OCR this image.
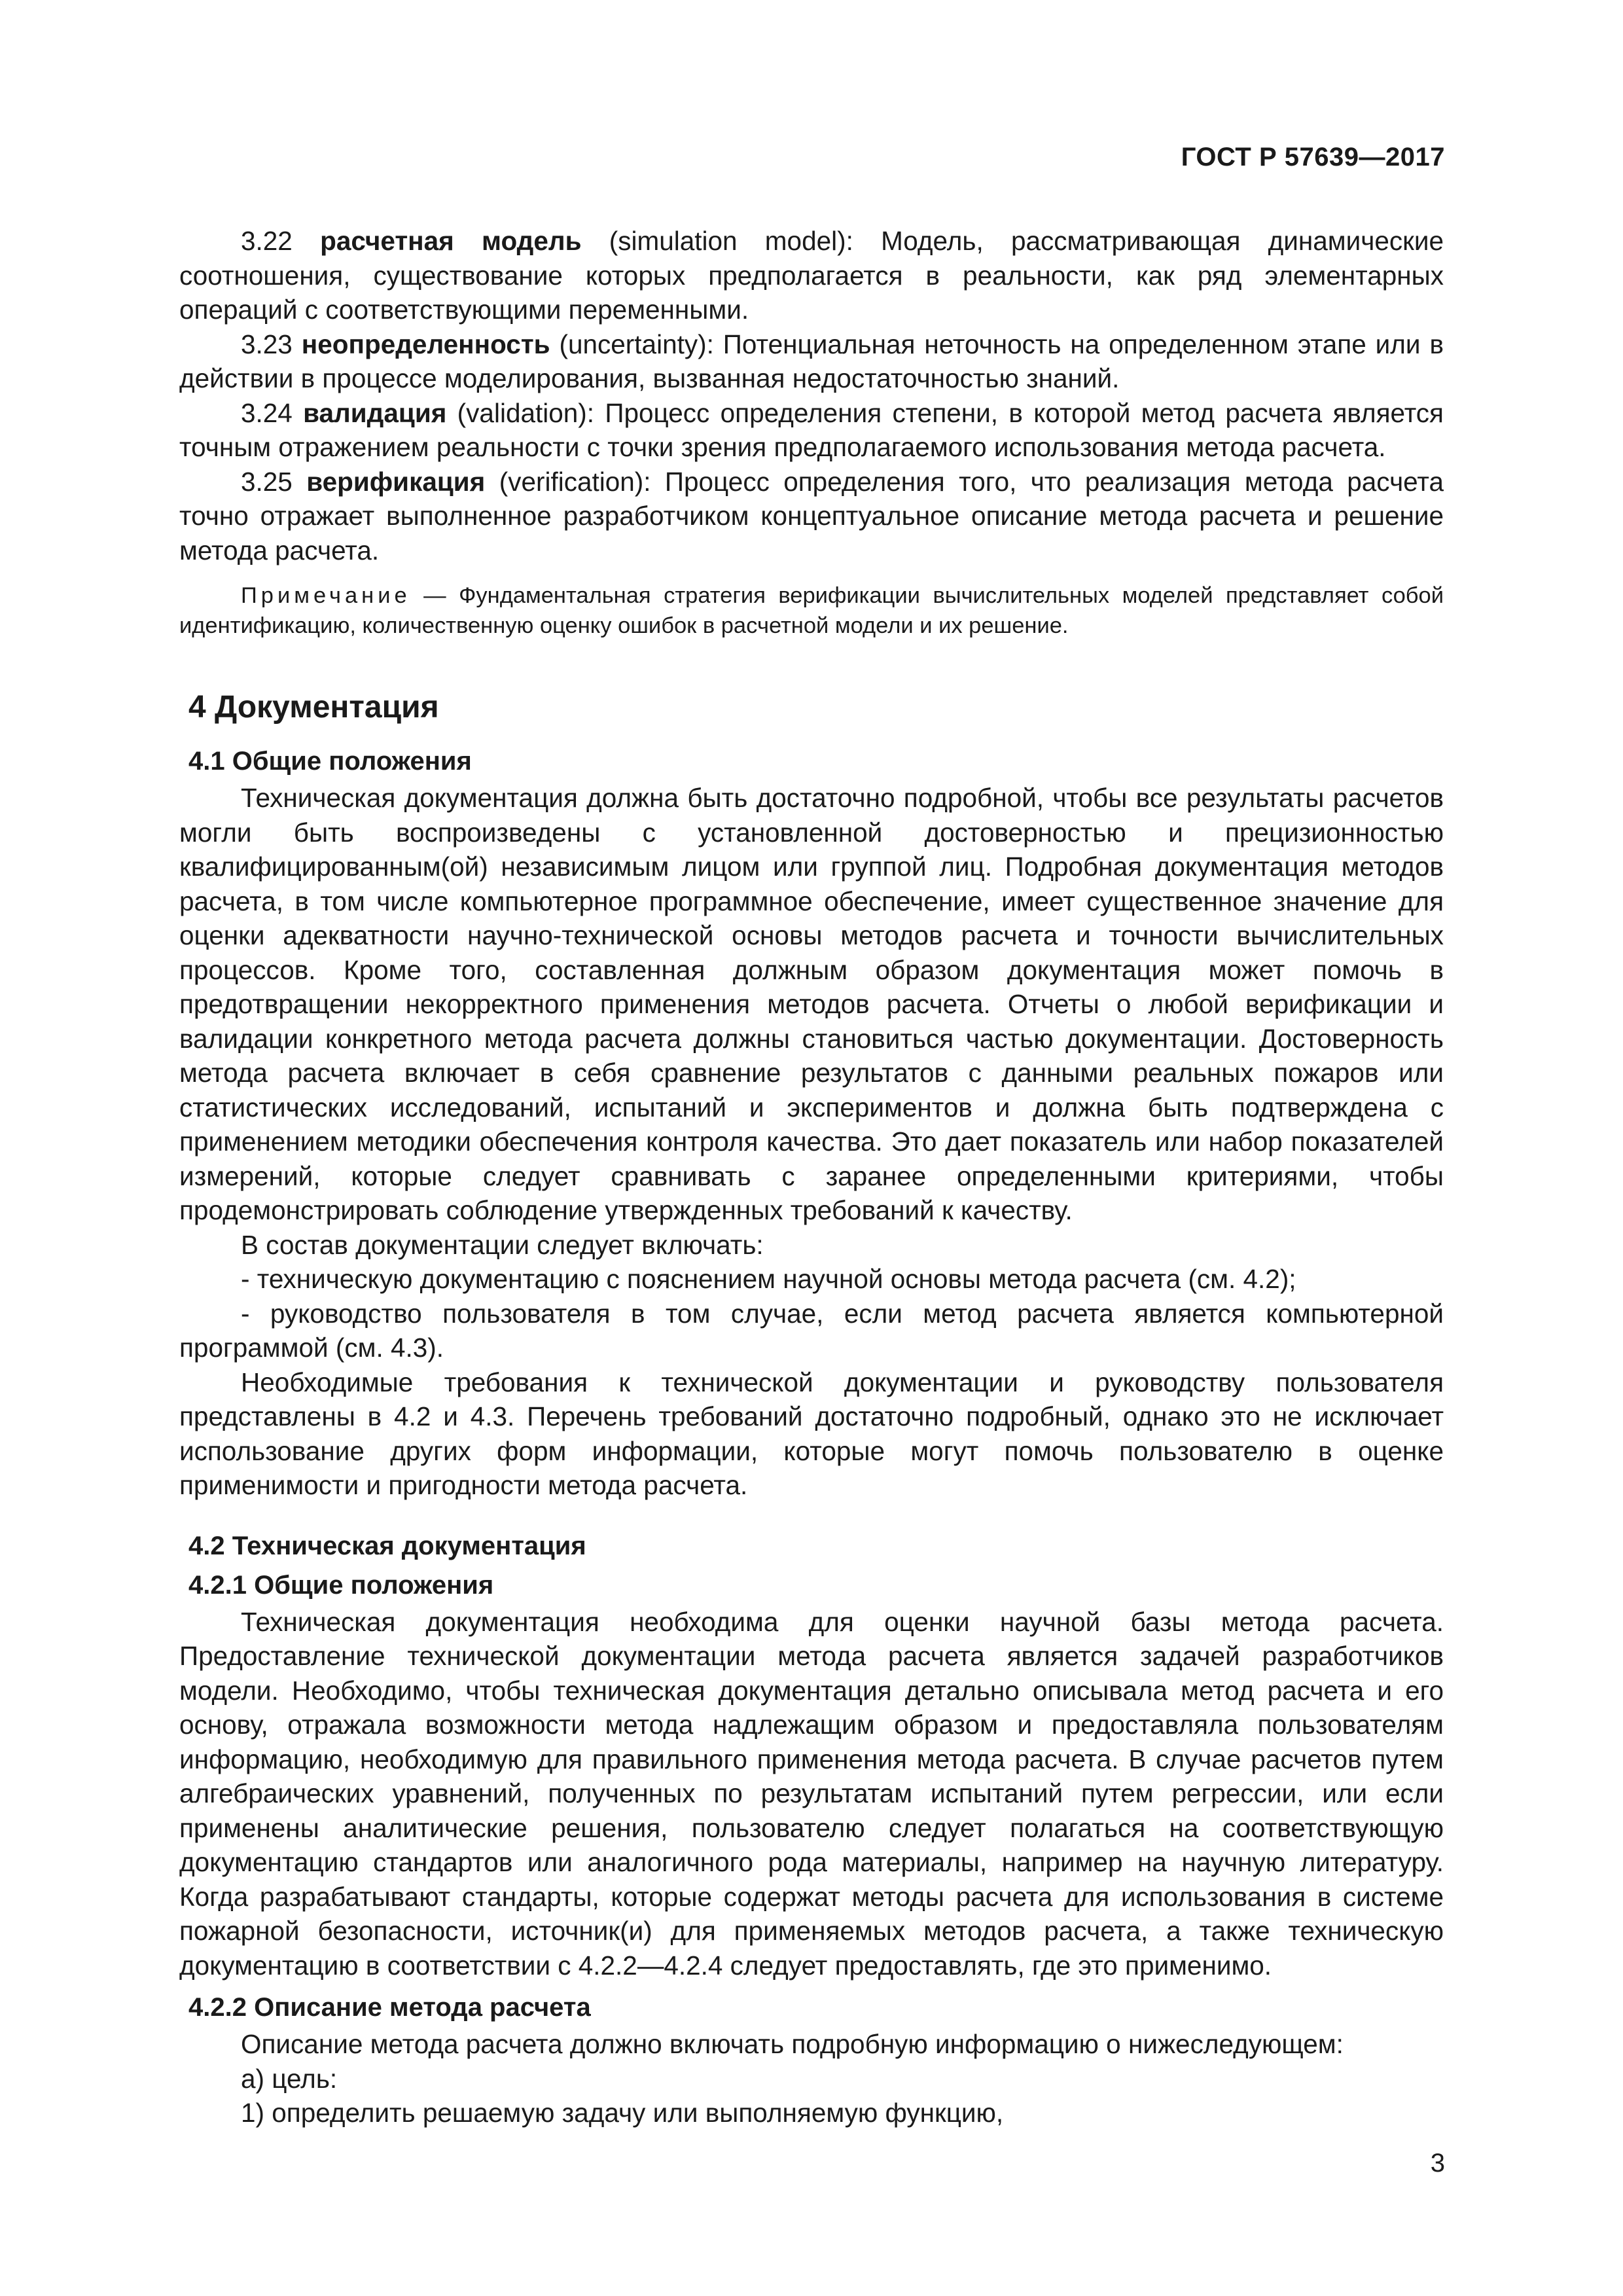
ГОСТ Р 57639—2017

3.22 расчетная модель (simulation model): Модель, рассматривающая динамические соотношения, существование которых предполагается в реальности, как ряд элементарных операций с соответствующими переменными.

3.23 неопределенность (uncertainty): Потенциальная неточность на определенном этапе или в действии в процессе моделирования, вызванная недостаточностью знаний.

3.24 валидация (validation): Процесс определения степени, в которой метод расчета является точным отражением реальности с точки зрения предполагаемого использования метода расчета.

3.25 верификация (verification): Процесс определения того, что реализация метода расчета точно отражает выполненное разработчиком концептуальное описание метода расчета и решение метода расчета.

Примечание — Фундаментальная стратегия верификации вычислительных моделей представляет собой идентификацию, количественную оценку ошибок в расчетной модели и их решение.

4 Документация
4.1 Общие положения

Техническая документация должна быть достаточно подробной, чтобы все результаты расчетов могли быть воспроизведены с установленной достоверностью и прецизионностью квалифицированным(ой) независимым лицом или группой лиц. Подробная документация методов расчета, в том числе компьютерное программное обеспечение, имеет существенное значение для оценки адекватности научно-технической основы методов расчета и точности вычислительных процессов. Кроме того, составленная должным образом документация может помочь в предотвращении некорректного применения методов расчета. Отчеты о любой верификации и валидации конкретного метода расчета должны становиться частью документации. Достоверность метода расчета включает в себя сравнение результатов с данными реальных пожаров или статистических исследований, испытаний и экспериментов и должна быть подтверждена с применением методики обеспечения контроля качества. Это дает показатель или набор показателей измерений, которые следует сравнивать с заранее определенными критериями, чтобы продемонстрировать соблюдение утвержденных требований к качеству.

В состав документации следует включать:

- техническую документацию с пояснением научной основы метода расчета (см. 4.2);

- руководство пользователя в том случае, если метод расчета является компьютерной программой (см. 4.3).

Необходимые требования к технической документации и руководству пользователя представлены в 4.2 и 4.3. Перечень требований достаточно подробный, однако это не исключает использование других форм информации, которые могут помочь пользователю в оценке применимости и пригодности метода расчета.

4.2 Техническая документация
4.2.1 Общие положения

Техническая документация необходима для оценки научной базы метода расчета. Предоставление технической документации метода расчета является задачей разработчиков модели. Необходимо, чтобы техническая документация детально описывала метод расчета и его основу, отражала возможности метода надлежащим образом и предоставляла пользователям информацию, необходимую для правильного применения метода расчета. В случае расчетов путем алгебраических уравнений, полученных по результатам испытаний путем регрессии, или если применены аналитические решения, пользователю следует полагаться на соответствующую документацию стандартов или аналогичного рода материалы, например на научную литературу. Когда разрабатывают стандарты, которые содержат методы расчета для использования в системе пожарной безопасности, источник(и) для применяемых методов расчета, а также техническую документацию в соответствии с 4.2.2—4.2.4 следует предоставлять, где это применимо.

4.2.2 Описание метода расчета

Описание метода расчета должно включать подробную информацию о нижеследующем:

а) цель:

1) определить решаемую задачу или выполняемую функцию,

3
